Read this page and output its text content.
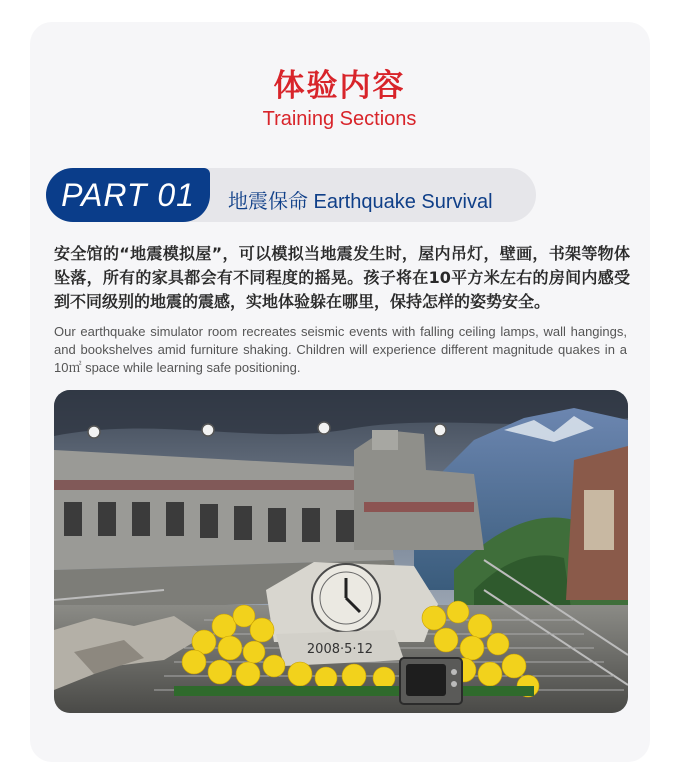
体验内容
Training Sections
PART 01	地震保命 Earthquake Survival
安全馆的“地震模拟屋”，可以模拟当地震发生时，屋内吊灯，壁画，书架等物体坠落，所有的家具都会有不同程度的摇晃。孩子将在10平方米左右的房间内感受到不同级别的地震的震感，实地体验躲在哪里，保持怎样的姿势安全。
Our earthquake simulator room recreates seismic events with falling ceiling lamps, wall hangings, and bookshelves amid furniture shaking. Children will experience different magnitude quakes in a 10㎡ space while learning safe positioning.
2008·5·12
